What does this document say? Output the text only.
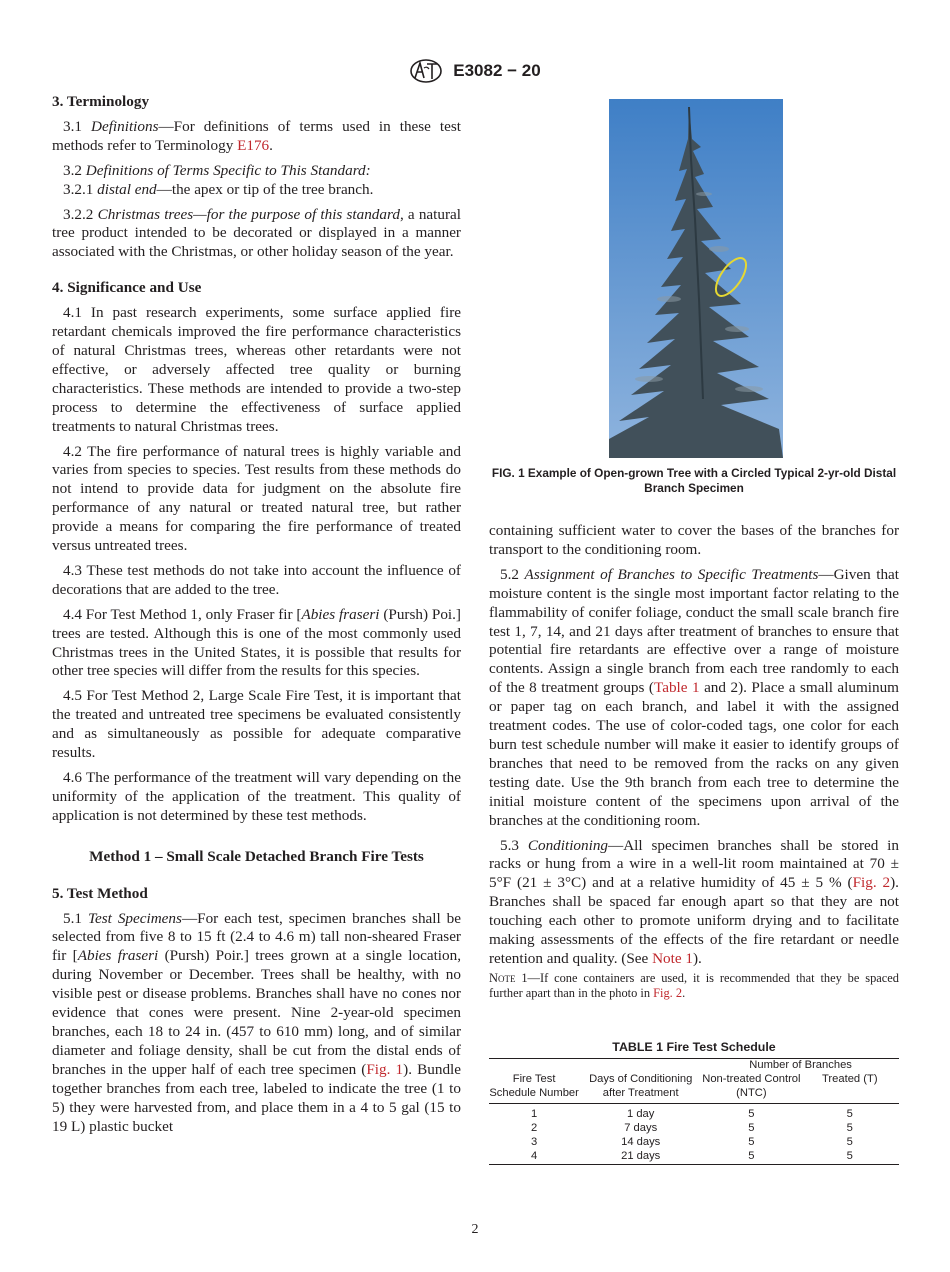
E3082 − 20
3. Terminology

3.1 Definitions—For definitions of terms used in these test methods refer to Terminology E176.

3.2 Definitions of Terms Specific to This Standard:

3.2.1 distal end—the apex or tip of the tree branch.

3.2.2 Christmas trees—for the purpose of this standard, a natural tree product intended to be decorated or displayed in a manner associated with the Christmas, or other holiday season of the year.

4. Significance and Use

4.1 In past research experiments, some surface applied fire retardant chemicals improved the fire performance characteristics of natural Christmas trees, whereas other retardants were not effective, or adversely affected tree quality or burning characteristics. These methods are intended to provide a two-step process to determine the effectiveness of surface applied treatments to natural Christmas trees.

4.2 The fire performance of natural trees is highly variable and varies from species to species. Test results from these methods do not intend to provide data for judgment on the absolute fire performance of any natural or treated natural tree, but rather provide a means for comparing the fire performance of treated versus untreated trees.

4.3 These test methods do not take into account the influence of decorations that are added to the tree.

4.4 For Test Method 1, only Fraser fir [Abies fraseri (Pursh) Poi.] trees are tested. Although this is one of the most commonly used Christmas trees in the United States, it is possible that results for other tree species will differ from the results for this species.

4.5 For Test Method 2, Large Scale Fire Test, it is important that the treated and untreated tree specimens be evaluated consistently and as simultaneously as possible for adequate comparative results.

4.6 The performance of the treatment will vary depending on the uniformity of the application of the treatment. This quality of application is not determined by these test methods.

Method 1 – Small Scale Detached Branch Fire Tests
5. Test Method

5.1 Test Specimens—For each test, specimen branches shall be selected from five 8 to 15 ft (2.4 to 4.6 m) tall non-sheared Fraser fir [Abies fraseri (Pursh) Poir.] trees grown at a single location, during November or December. Trees shall be healthy, with no visible pest or disease problems. Branches shall have no cones nor evidence that cones were present. Nine 2-year-old specimen branches, each 18 to 24 in. (457 to 610 mm) long, and of similar diameter and foliage density, shall be cut from the distal ends of branches in the upper half of each tree specimen (Fig. 1). Bundle together branches from each tree, labeled to indicate the tree (1 to 5) they were harvested from, and place them in a 4 to 5 gal (15 to 19 L) plastic bucket

FIG. 1 Example of Open-grown Tree with a Circled Typical 2-yr-old Distal Branch Specimen

containing sufficient water to cover the bases of the branches for transport to the conditioning room.

5.2 Assignment of Branches to Specific Treatments—Given that moisture content is the single most important factor relating to the flammability of conifer foliage, conduct the small scale branch fire test 1, 7, 14, and 21 days after treatment of branches to ensure that potential fire retardants are effective over a range of moisture contents. Assign a single branch from each tree randomly to each of the 8 treatment groups (Table 1 and 2). Place a small aluminum or paper tag on each branch, and label it with the assigned treatment codes. The use of color-coded tags, one color for each burn test schedule number will make it easier to identify groups of branches that need to be removed from the racks on any given testing date. Use the 9th branch from each tree to determine the initial moisture content of the specimens upon arrival of the branches at the conditioning room.

5.3 Conditioning—All specimen branches shall be stored in racks or hung from a wire in a well-lit room maintained at 70 ± 5°F (21 ± 3°C) and at a relative humidity of 45 ± 5 % (Fig. 2). Branches shall be spaced far enough apart so that they are not touching each other to promote uniform drying and to facilitate making assessments of the effects of the fire retardant or needle retention and quality. (See Note 1).

Note 1—If cone containers are used, it is recommended that they be spaced further apart than in the photo in Fig. 2.

TABLE 1 Fire Test Schedule
		Number of Branches	
Fire Test Schedule Number	Days of Conditioning after Treatment	Non-treated Control (NTC)	Treated (T)
1	1 day	5	5
2	7 days	5	5
3	14 days	5	5
4	21 days	5	5
2
